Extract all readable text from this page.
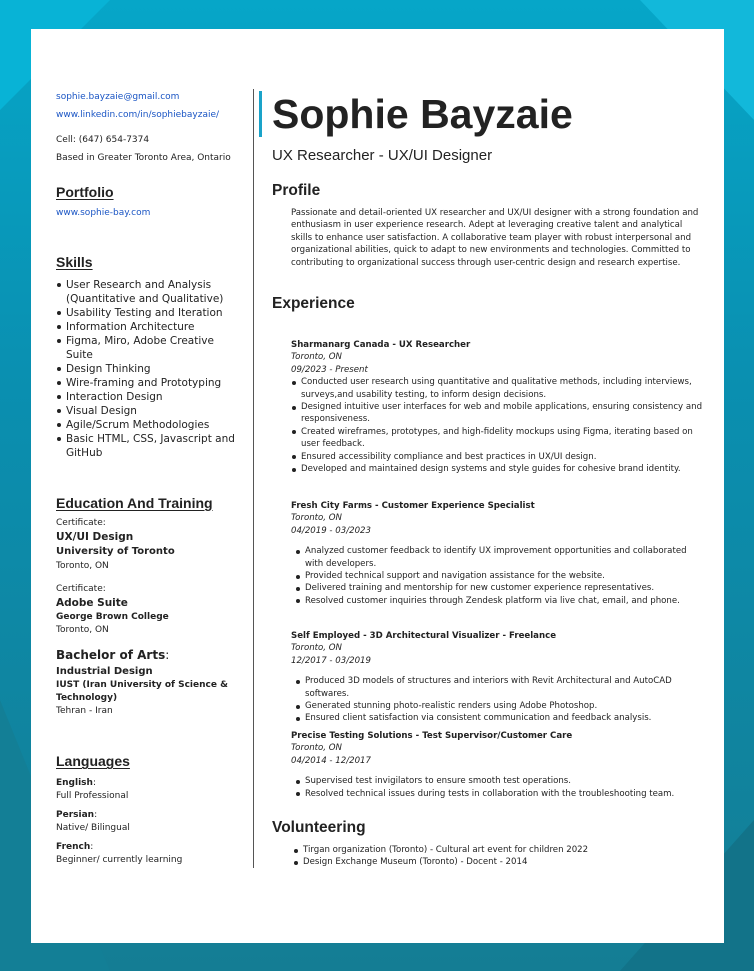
sophie.bayzaie@gmail.com

www.linkedin.com/in/sophiebayzaie/

Cell: (647) 654-7374

Based in Greater Toronto Area, Ontario

Portfolio

www.sophie-bay.com

Skills
User Research and Analysis (Quantitative and Qualitative)
Usability Testing and Iteration
Information Architecture
Figma, Miro, Adobe Creative Suite
Design Thinking
Wire-framing and Prototyping
Interaction Design
Visual Design
Agile/Scrum Methodologies
Basic HTML, CSS, Javascript and GitHub
Education And Training

Certificate:

UX/UI Design

University of Toronto

Toronto, ON

Certificate:

Adobe Suite

George Brown College

Toronto, ON

Bachelor of Arts:

Industrial Design

IUST (Iran University of Science & Technology)

Tehran - Iran

Languages

English:

Full Professional

Persian:

Native/ Bilingual

French:

Beginner/ currently learning

Sophie Bayzaie

UX Researcher - UX/UI Designer

Profile
Passionate and detail-oriented UX researcher and UX/UI designer with a strong foundation and enthusiasm in user experience research. Adept at leveraging creative talent and analytical skills to enhance user satisfaction. A collaborative team player with robust interpersonal and organizational abilities, quick to adapt to new environments and technologies. Committed to contributing to organizational success through user-centric design and research expertise.
Experience

Sharmanarg Canada - UX Researcher

Toronto, ON

09/2023 - Present

Conducted user research using quantitative and qualitative methods, including interviews, surveys,and usability testing, to inform design decisions.
Designed intuitive user interfaces for web and mobile applications, ensuring consistency and responsiveness.
Created wireframes, prototypes, and high-fidelity mockups using Figma, iterating based on user feedback.
Ensured accessibility compliance and best practices in UX/UI design.
Developed and maintained design systems and style guides for cohesive brand identity.

Fresh City Farms - Customer Experience Specialist

Toronto, ON

04/2019 - 03/2023

Analyzed customer feedback to identify UX improvement opportunities and collaborated with developers.
Provided technical support and navigation assistance for the website.
Delivered training and mentorship for new customer experience representatives.
Resolved customer inquiries through Zendesk platform via live chat, email, and phone.

Self Employed - 3D Architectural Visualizer - Freelance

Toronto, ON

12/2017 - 03/2019

Produced 3D models of structures and interiors with Revit Architectural and AutoCAD softwares.
Generated stunning photo-realistic renders using Adobe Photoshop.
Ensured client satisfaction via consistent communication and feedback analysis.

Precise Testing Solutions - Test Supervisor/Customer Care

Toronto, ON

04/2014 - 12/2017

Supervised test invigilators to ensure smooth test operations.
Resolved technical issues during tests in collaboration with the troubleshooting team.
Volunteering
Tirgan organization (Toronto) - Cultural art event for children 2022
Design Exchange Museum (Toronto) - Docent - 2014
